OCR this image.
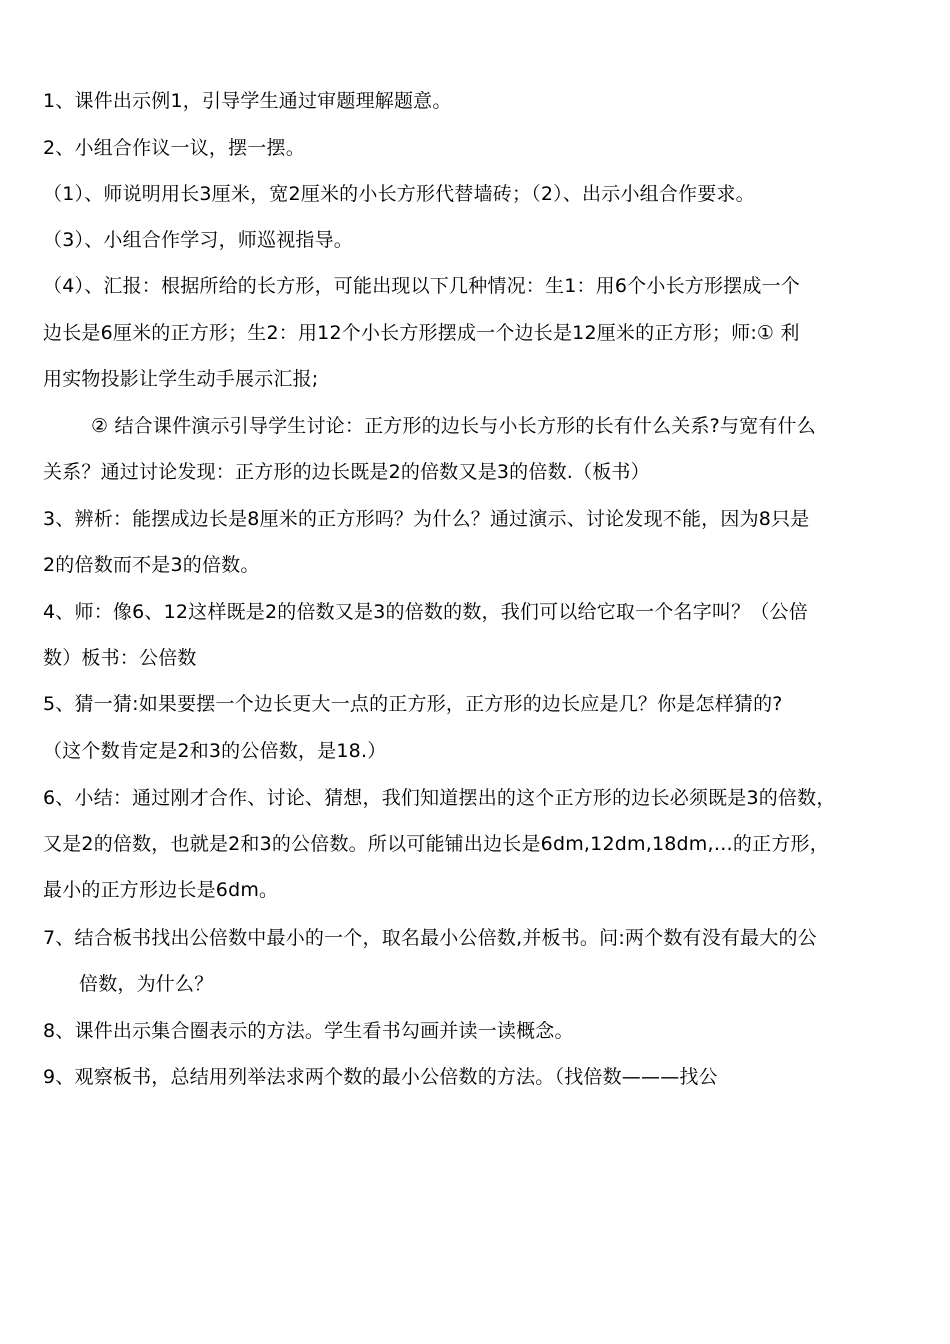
1、课件出示例1，引导学生通过审题理解题意。
2、小组合作议一议，摆一摆。
（1）、师说明用长3厘米，宽2厘米的小长方形代替墙砖；（2）、出示小组合作要求。
（3）、小组合作学习，师巡视指导。
（4）、汇报：根据所给的长方形，可能出现以下几种情况：生1：用6个小长方形摆成一个
边长是6厘米的正方形；生2：用12个小长方形摆成一个边长是12厘米的正方形；师:① 利
用实物投影让学生动手展示汇报;
② 结合课件演示引导学生讨论：正方形的边长与小长方形的长有什么关系?与宽有什么
关系？通过讨论发现：正方形的边长既是2的倍数又是3的倍数.（板书）
3、辨析：能摆成边长是8厘米的正方形吗？为什么？通过演示、讨论发现不能，因为8只是
2的倍数而不是3的倍数。
4、师：像6、12这样既是2的倍数又是3的倍数的数，我们可以给它取一个名字叫？（公倍
数）板书：公倍数
5、猜一猜:如果要摆一个边长更大一点的正方形，正方形的边长应是几？你是怎样猜的?
（这个数肯定是2和3的公倍数，是18.）
6、小结：通过刚才合作、讨论、猜想，我们知道摆出的这个正方形的边长必须既是3的倍数，
又是2的倍数，也就是2和3的公倍数。所以可能铺出边长是6dm,12dm,18dm,…的正方形，
最小的正方形边长是6dm。
7、结合板书找出公倍数中最小的一个，取名最小公倍数,并板书。问:两个数有没有最大的公
倍数，为什么？
8、课件出示集合圈表示的方法。学生看书勾画并读一读概念。
9、观察板书，总结用列举法求两个数的最小公倍数的方法。（找倍数———找公
